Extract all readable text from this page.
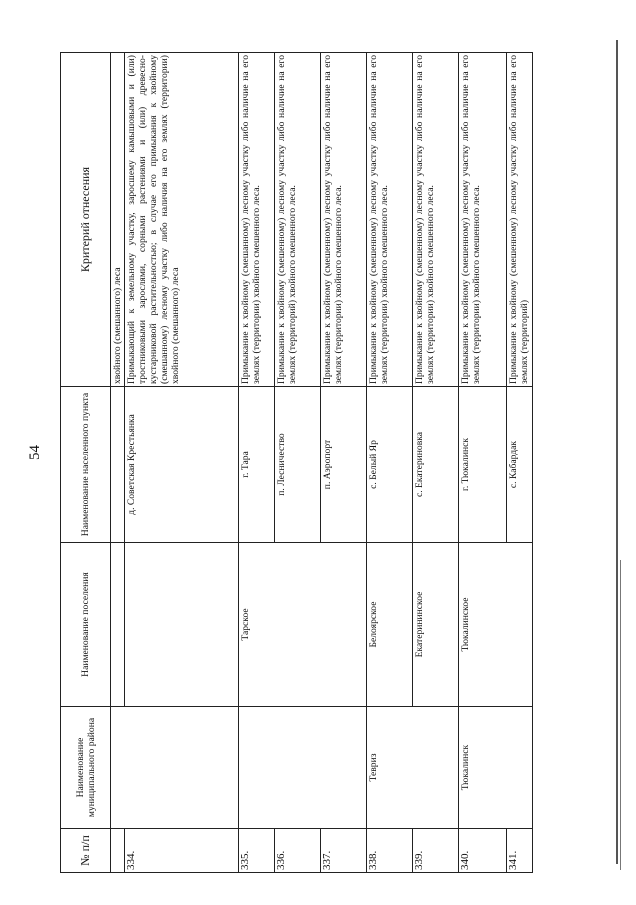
54
№ п/п	Наименование муниципального района	Наименование поселения	Наименование населенного пункта	Критерий отнесения
				хвойного (смешанного) леса
334.			д. Советская Крестьянка	Примыкающий к земельному участку, заросшему камышовыми и (или) тростниковыми зарослями, сорными растениями и (или) древесно-кустарниковой растительностью; в случае его примыкания к хвойному (смешанному) лесному участку либо наличия на его землях (территории) хвойного (смешанного) леса
335.		Тарское	г. Тара	Примыкание к хвойному (смешанному) лесному участку либо наличие на его землях (территории) хвойного смешенного леса.
336.			п. Лесничество	Примыкание к хвойному (смешенному) лесному участку либо наличие на его землях (территорий) хвойного смешенного леса.
337.			п. Аэропорт	Примыкание к хвойному (смешенному) лесному участку либо наличие на его землях (территории) хвойного смешенного леса.
338.	Тевриз	Белоярское	с. Белый Яр	Примыкание к хвойному (смешенному) лесному участку либо наличие на его землях (территории) хвойного смешенного леса.
339.		Екатерининское	с. Екатериновка	Примыкание к хвойному (смешенному) лесному участку либо наличие на его землях (территории) хвойного смешенного леса.
340.	Тюкалинск	Тюкалинское	г. Тюкалинск	Примыкание к хвойному (смешенному) лесному участку либо наличие на его землях (территории) хвойного смешенного леса.
341.			с. Кабардак	Примыкание к хвойному (смешенному) лесному участку либо наличие на его землях (территорий)
